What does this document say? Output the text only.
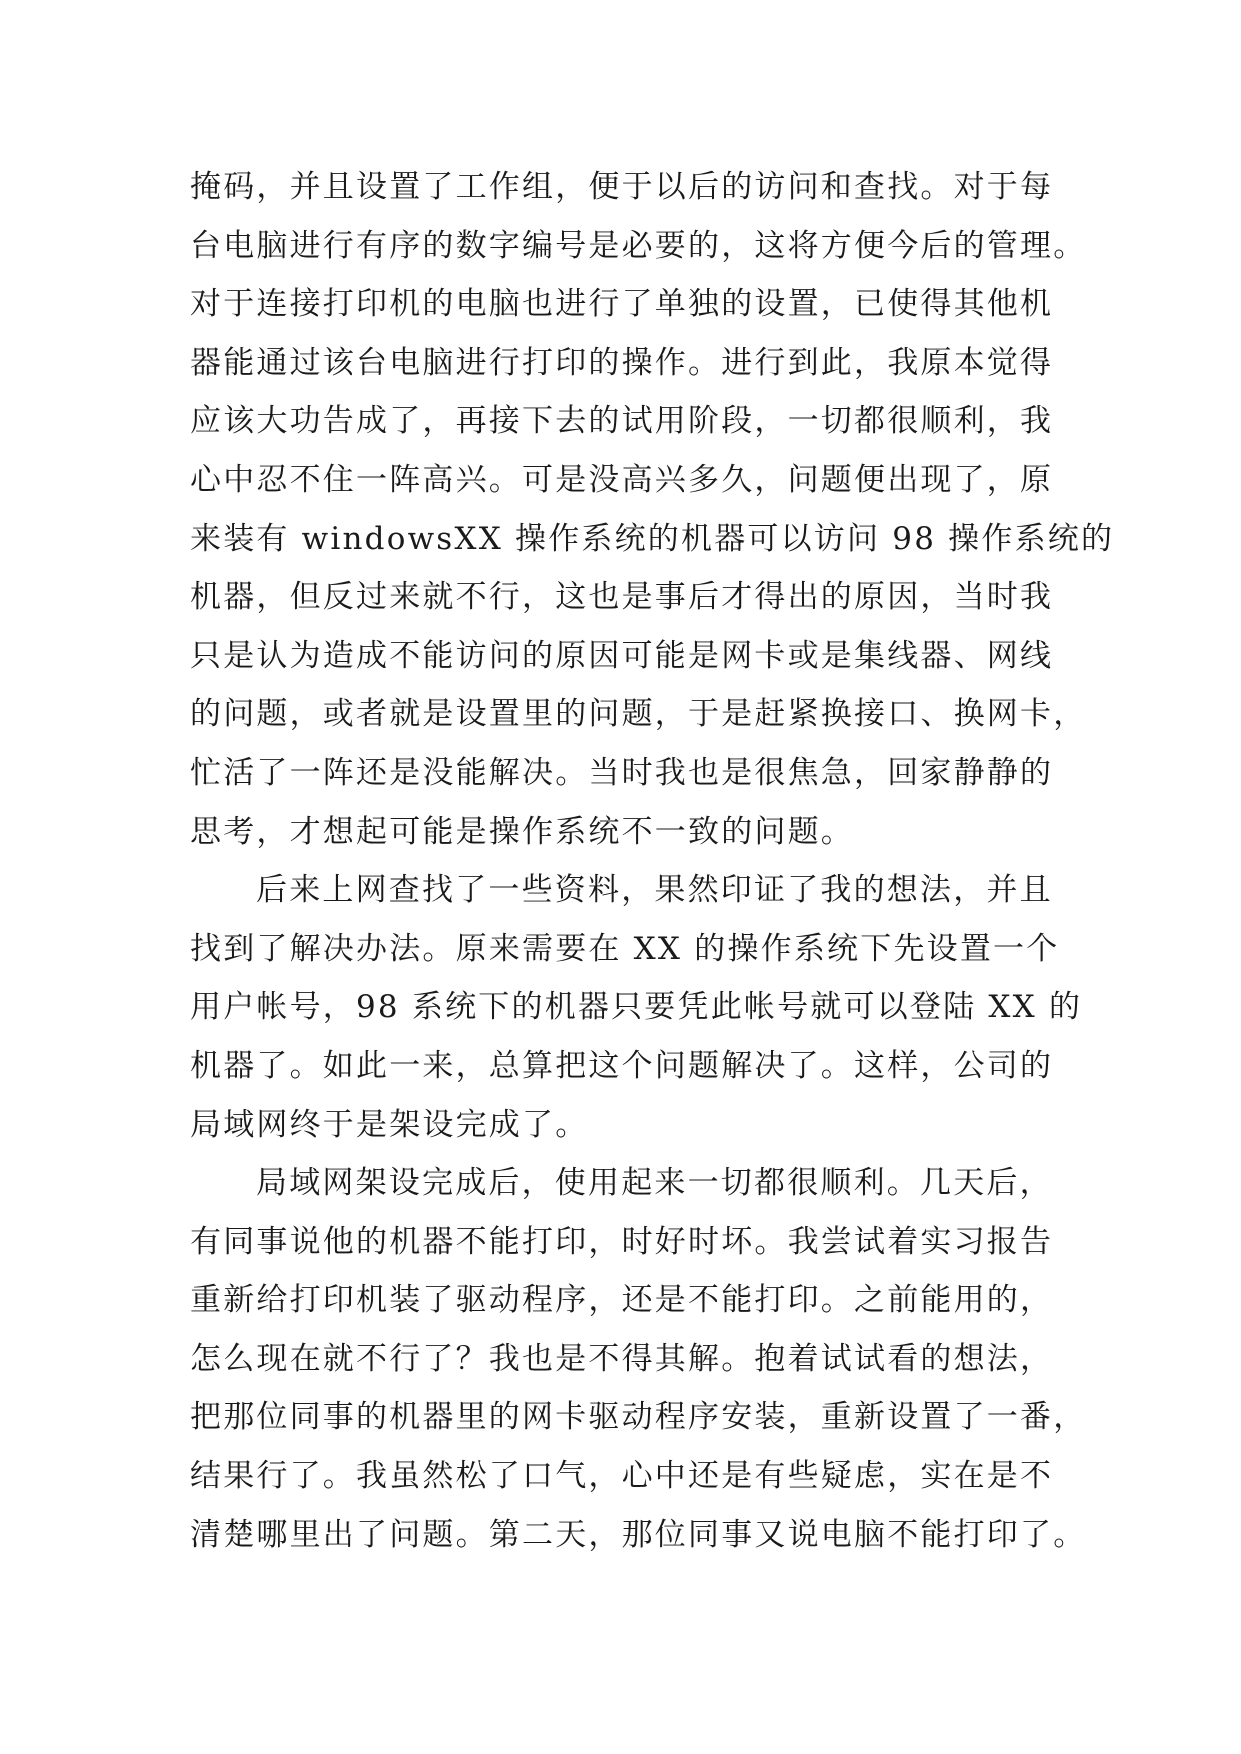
掩码，并且设置了工作组，便于以后的访问和查找。对于每
台电脑进行有序的数字编号是必要的，这将方便今后的管理。
对于连接打印机的电脑也进行了单独的设置，已使得其他机
器能通过该台电脑进行打印的操作。进行到此，我原本觉得
应该大功告成了，再接下去的试用阶段，一切都很顺利，我
心中忍不住一阵高兴。可是没高兴多久，问题便出现了，原
来装有 windowsXX 操作系统的机器可以访问 98 操作系统的
机器，但反过来就不行，这也是事后才得出的原因，当时我
只是认为造成不能访问的原因可能是网卡或是集线器、网线
的问题，或者就是设置里的问题，于是赶紧换接口、换网卡，
忙活了一阵还是没能解决。当时我也是很焦急，回家静静的
思考，才想起可能是操作系统不一致的问题。
后来上网查找了一些资料，果然印证了我的想法，并且
找到了解决办法。原来需要在 XX 的操作系统下先设置一个
用户帐号，98 系统下的机器只要凭此帐号就可以登陆 XX 的
机器了。如此一来，总算把这个问题解决了。这样，公司的
局域网终于是架设完成了。
局域网架设完成后，使用起来一切都很顺利。几天后，
有同事说他的机器不能打印，时好时坏。我尝试着实习报告
重新给打印机装了驱动程序，还是不能打印。之前能用的，
怎么现在就不行了？我也是不得其解。抱着试试看的想法，
把那位同事的机器里的网卡驱动程序安装，重新设置了一番，
结果行了。我虽然松了口气，心中还是有些疑虑，实在是不
清楚哪里出了问题。第二天，那位同事又说电脑不能打印了。
